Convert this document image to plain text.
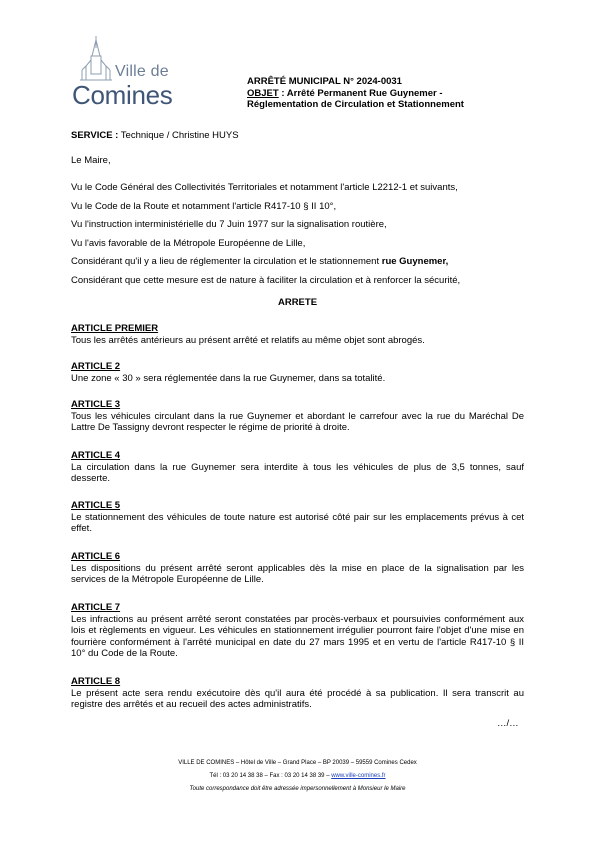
Ville de
Comines	ARRÊTÉ MUNICIPAL N° 2024-0031
OBJET : Arrêté Permanent Rue Guynemer -
Réglementation de Circulation et Stationnement
SERVICE : Technique / Christine HUYS
Le Maire,
Vu le Code Général des Collectivités Territoriales et notamment l'article L2212-1 et suivants,
Vu le Code de la Route et notamment l'article R417-10 § II 10°,
Vu l'instruction interministérielle du 7 Juin 1977 sur la signalisation routière,
Vu l'avis favorable de la Métropole Européenne de Lille,
Considérant qu'il y a lieu de réglementer la circulation et le stationnement rue Guynemer,
Considérant que cette mesure est de nature à faciliter la circulation et à renforcer la sécurité,
ARRETE
ARTICLE PREMIER
Tous les arrêtés antérieurs au présent arrêté et relatifs au même objet sont abrogés.
ARTICLE 2
Une zone « 30 » sera réglementée dans la rue Guynemer, dans sa totalité.
ARTICLE 3
Tous les véhicules circulant dans la rue Guynemer et abordant le carrefour avec la rue du Maréchal De Lattre De Tassigny devront respecter le régime de priorité à droite.
ARTICLE 4
La circulation dans la rue Guynemer sera interdite à tous les véhicules de plus de 3,5 tonnes, sauf desserte.
ARTICLE 5
Le stationnement des véhicules de toute nature est autorisé côté pair sur les emplacements prévus à cet effet.
ARTICLE 6
Les dispositions du présent arrêté seront applicables dès la mise en place de la signalisation par les services de la Métropole Européenne de Lille.
ARTICLE 7
Les infractions au présent arrêté seront constatées par procès-verbaux et poursuivies conformément aux lois et règlements en vigueur. Les véhicules en stationnement irrégulier pourront faire l'objet d'une mise en fourrière conformément à l'arrêté municipal en date du 27 mars 1995 et en vertu de l'article R417-10 § II 10° du Code de la Route.
ARTICLE 8
Le présent acte sera rendu exécutoire dès qu'il aura été procédé à sa publication. Il sera transcrit au registre des arrêtés et au recueil des actes administratifs.
…/…
VILLE DE COMINES – Hôtel de Ville – Grand Place – BP 20039 – 59559 Comines Cedex
Tél : 03 20 14 38 38 – Fax : 03 20 14 38 39 – www.ville-comines.fr
Toute correspondance doit être adressée impersonnellement à Monsieur le Maire
